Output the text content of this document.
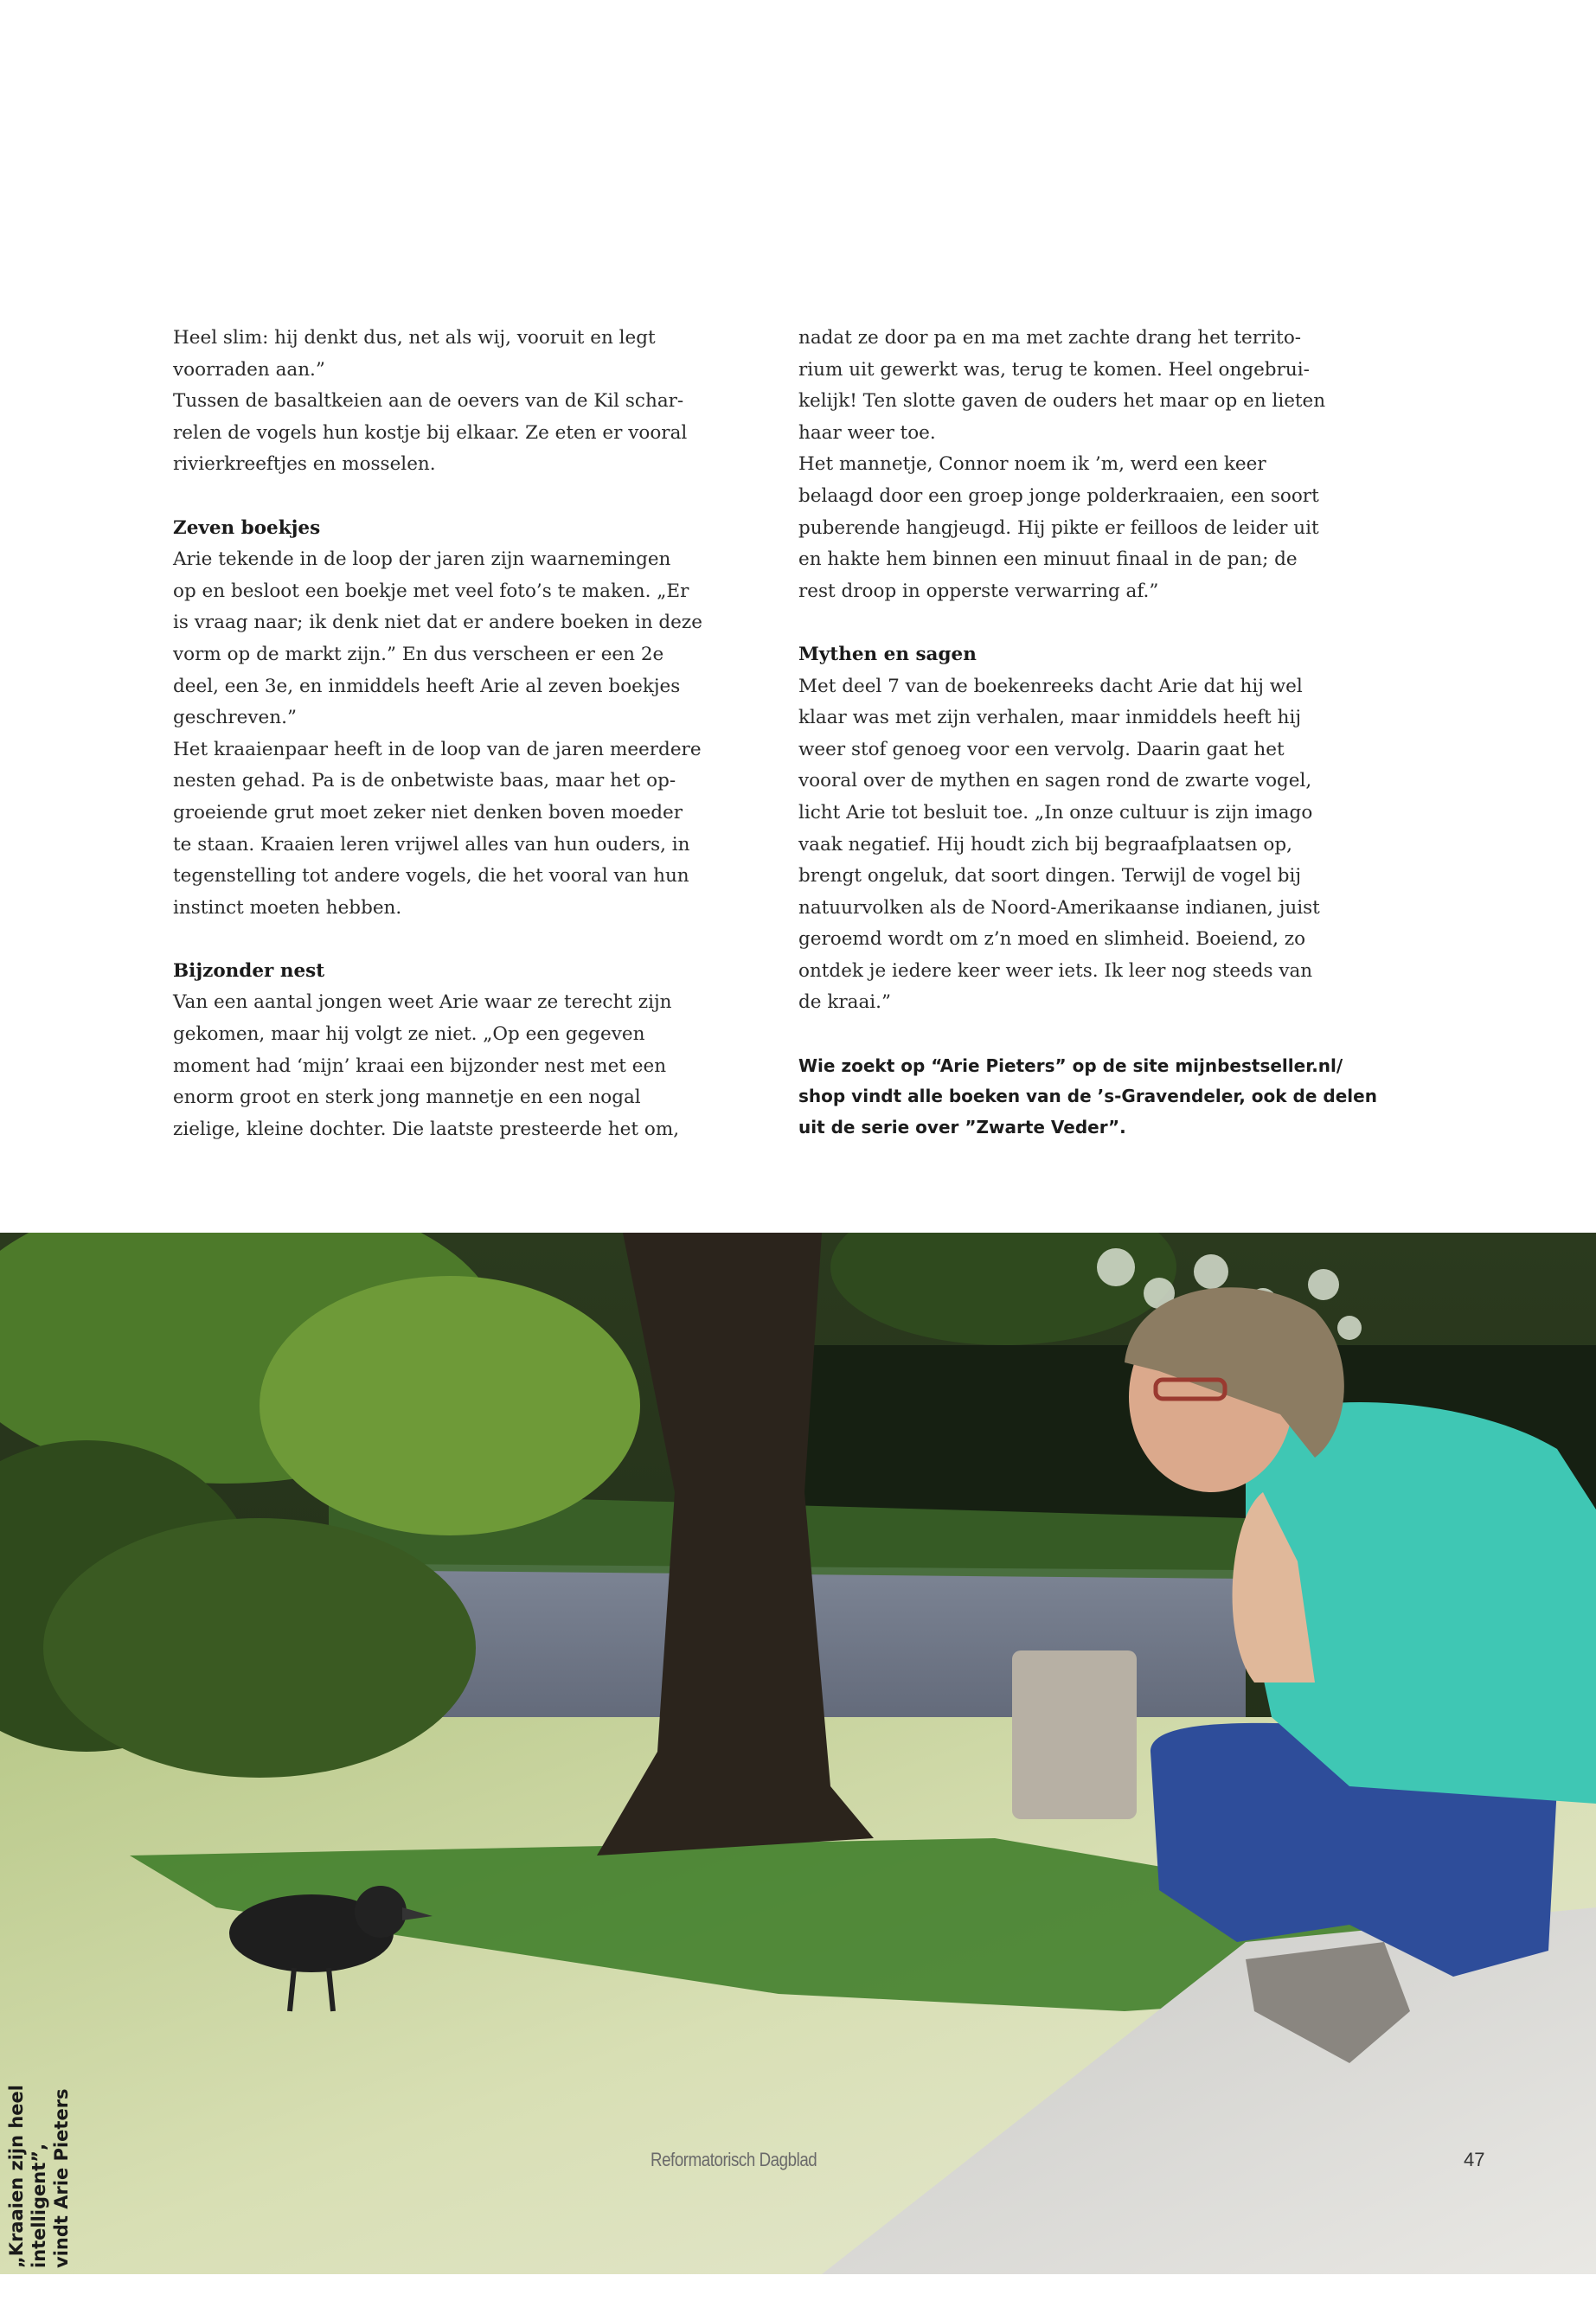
Heel slim: hij denkt dus, net als wij, vooruit en legt
voorraden aan.”
Tussen de basaltkeien aan de oevers van de Kil schar-
relen de vogels hun kostje bij elkaar. Ze eten er vooral
rivierkreeftjes en mosselen.
Zeven boekjes
Arie tekende in de loop der jaren zijn waarnemingen
op en besloot een boekje met veel foto’s te maken. „Er
is vraag naar; ik denk niet dat er andere boeken in deze
vorm op de markt zijn.” En dus verscheen er een 2e
deel, een 3e, en inmiddels heeft Arie al zeven boekjes
geschreven.”
Het kraaienpaar heeft in de loop van de jaren meerdere
nesten gehad. Pa is de onbetwiste baas, maar het op-
groeiende grut moet zeker niet denken boven moeder
te staan. Kraaien leren vrijwel alles van hun ouders, in
tegenstelling tot andere vogels, die het vooral van hun
instinct moeten hebben.
Bijzonder nest
Van een aantal jongen weet Arie waar ze terecht zijn
gekomen, maar hij volgt ze niet. „Op een gegeven
moment had ‘mijn’ kraai een bijzonder nest met een
enorm groot en sterk jong mannetje en een nogal
zielige, kleine dochter. Die laatste presteerde het om,
nadat ze door pa en ma met zachte drang het territo-
rium uit gewerkt was, terug te komen. Heel ongebrui-
kelijk! Ten slotte gaven de ouders het maar op en lieten
haar weer toe.
Het mannetje, Connor noem ik ’m, werd een keer
belaagd door een groep jonge polderkraaien, een soort
puberende hangjeugd. Hij pikte er feilloos de leider uit
en hakte hem binnen een minuut finaal in de pan; de
rest droop in opperste verwarring af.”
Mythen en sagen
Met deel 7 van de boekenreeks dacht Arie dat hij wel
klaar was met zijn verhalen, maar inmiddels heeft hij
weer stof genoeg voor een vervolg. Daarin gaat het
vooral over de mythen en sagen rond de zwarte vogel,
licht Arie tot besluit toe. „In onze cultuur is zijn imago
vaak negatief. Hij houdt zich bij begraafplaatsen op,
brengt ongeluk, dat soort dingen. Terwijl de vogel bij
natuurvolken als de Noord-Amerikaanse indianen, juist
geroemd wordt om z’n moed en slimheid. Boeiend, zo
ontdek je iedere keer weer iets. Ik leer nog steeds van
de kraai.”
Wie zoekt op “Arie Pieters” op de site mijnbestseller.nl/
shop vindt alle boeken van de ’s-Gravendeler, ook de delen
uit de serie over ”Zwarte Veder”.
„Kraaien zijn heel intelligent”, vindt Arie Pieters	Reformatorisch Dagblad	47
